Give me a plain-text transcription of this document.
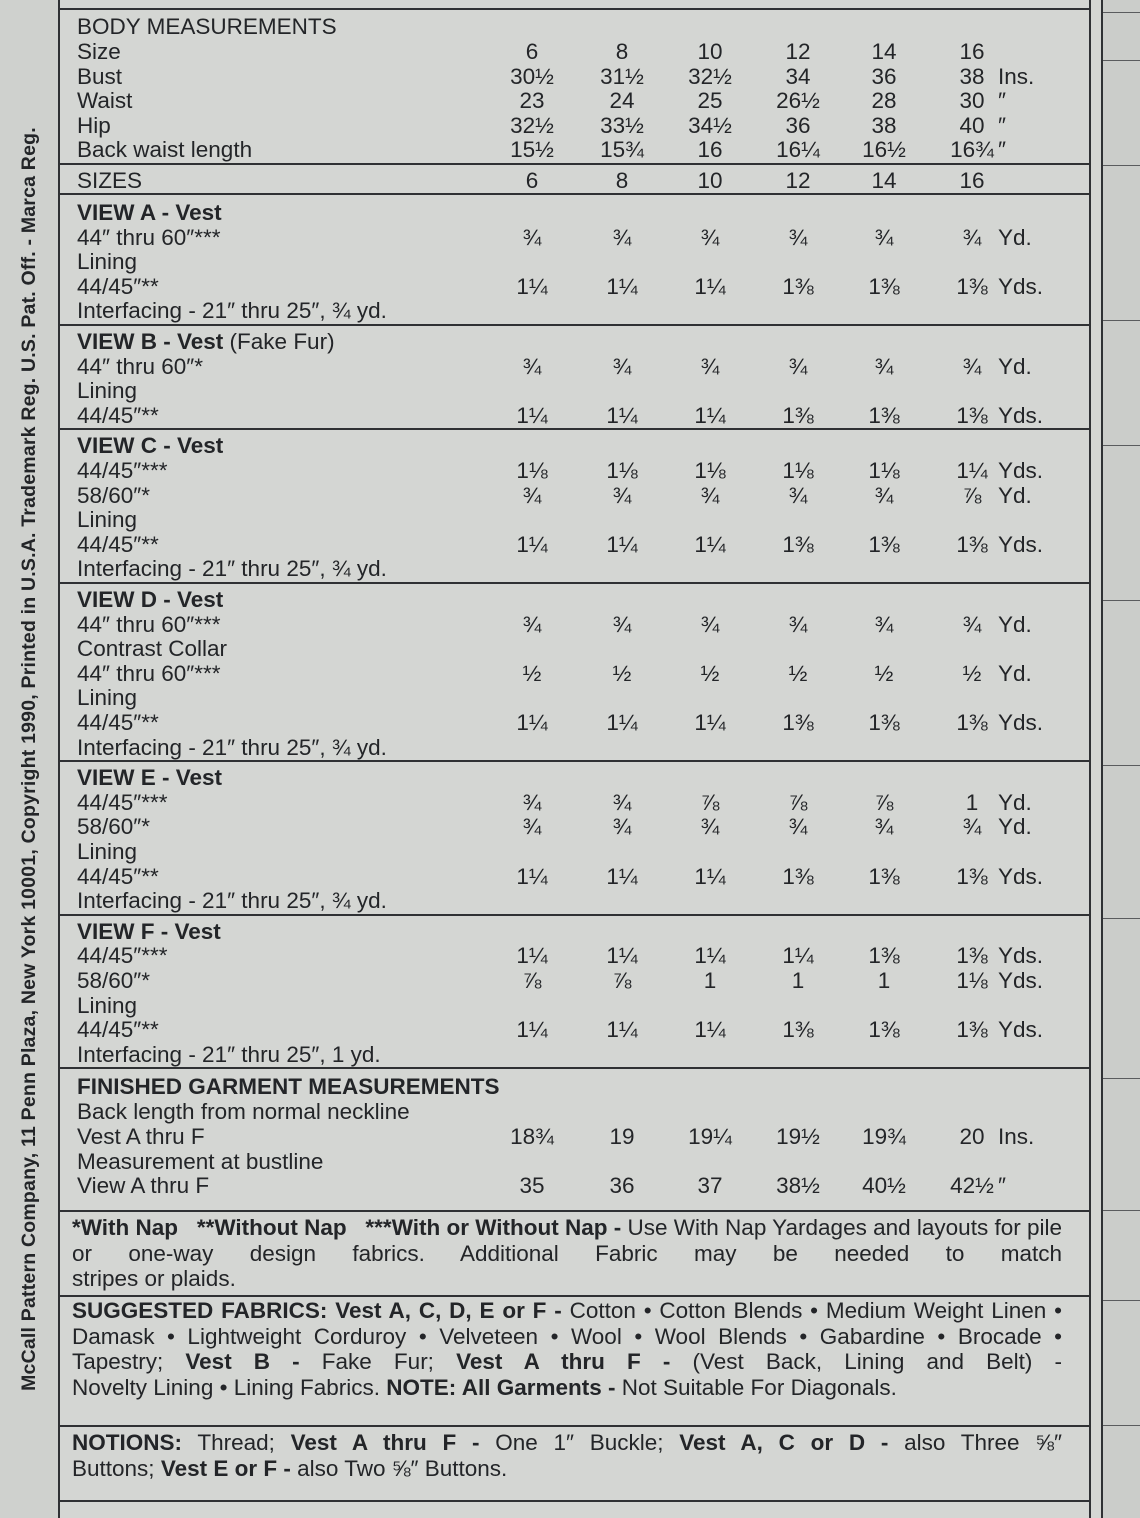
McCall Pattern Company, 11 Penn Plaza, New York 10001, Copyright 1990, Printed in U.S.A. Trademark Reg. U.S. Pat. Off. - Marca Reg.
BODY MEASUREMENTS
Size	6	8	10	12	14	16
Bust	30½	31½	32½	34	36	38 Ins.
Waist	23	24	25	26½	28	30 ″
Hip	32½	33½	34½	36	38	40 ″
Back waist length	15½	15¾	16	16¼	16½	16¾ ″
SIZES	6	8	10	12	14	16
VIEW A - Vest
44″ thru 60″***	¾	¾	¾	¾	¾	¾ Yd.
Lining
44/45″**	1¼	1¼	1¼	1⅜	1⅜	1⅜ Yds.
Interfacing - 21″ thru 25″, ¾ yd.
VIEW B - Vest (Fake Fur)
44″ thru 60″*	¾	¾	¾	¾	¾	¾ Yd.
Lining
44/45″**	1¼	1¼	1¼	1⅜	1⅜	1⅜ Yds.
VIEW C - Vest
44/45″***	1⅛	1⅛	1⅛	1⅛	1⅛	1¼ Yds.
58/60″*	¾	¾	¾	¾	¾	⅞ Yd.
Lining
44/45″**	1¼	1¼	1¼	1⅜	1⅜	1⅜ Yds.
Interfacing - 21″ thru 25″, ¾ yd.
VIEW D - Vest
44″ thru 60″***	¾	¾	¾	¾	¾	¾ Yd.
Contrast Collar
44″ thru 60″***	½	½	½	½	½	½ Yd.
Lining
44/45″**	1¼	1¼	1¼	1⅜	1⅜	1⅜ Yds.
Interfacing - 21″ thru 25″, ¾ yd.
VIEW E - Vest
44/45″***	¾	¾	⅞	⅞	⅞	1 Yd.
58/60″*	¾	¾	¾	¾	¾	¾ Yd.
Lining
44/45″**	1¼	1¼	1¼	1⅜	1⅜	1⅜ Yds.
Interfacing - 21″ thru 25″, ¾ yd.
VIEW F - Vest
44/45″***	1¼	1¼	1¼	1¼	1⅜	1⅜ Yds.
58/60″*	⅞	⅞	1	1	1	1⅛ Yds.
Lining
44/45″**	1¼	1¼	1¼	1⅜	1⅜	1⅜ Yds.
Interfacing - 21″ thru 25″, 1 yd.
FINISHED GARMENT MEASUREMENTS
Back length from normal neckline
Vest A thru F	18¾	19	19¼	19½	19¾	20 Ins.
Measurement at bustline
View A thru F	35	36	37	38½	40½	42½ ″
*With Nap **Without Nap ***With or Without Nap - Use With Nap Yardages and layouts for pile or one-way design fabrics. Additional Fabric may be needed to match
stripes or plaids.
SUGGESTED FABRICS: Vest A, C, D, E or F - Cotton • Cotton Blends • Medium Weight Linen • Damask • Lightweight Corduroy • Velveteen • Wool • Wool Blends • Gabardine • Brocade • Tapestry; Vest B - Fake Fur; Vest A thru F - (Vest Back, Lining and Belt) -
Novelty Lining • Lining Fabrics. NOTE: All Garments - Not Suitable For Diagonals.
NOTIONS: Thread; Vest A thru F - One 1″ Buckle; Vest A, C or D - also Three ⅝″
Buttons; Vest E or F - also Two ⅝″ Buttons.
